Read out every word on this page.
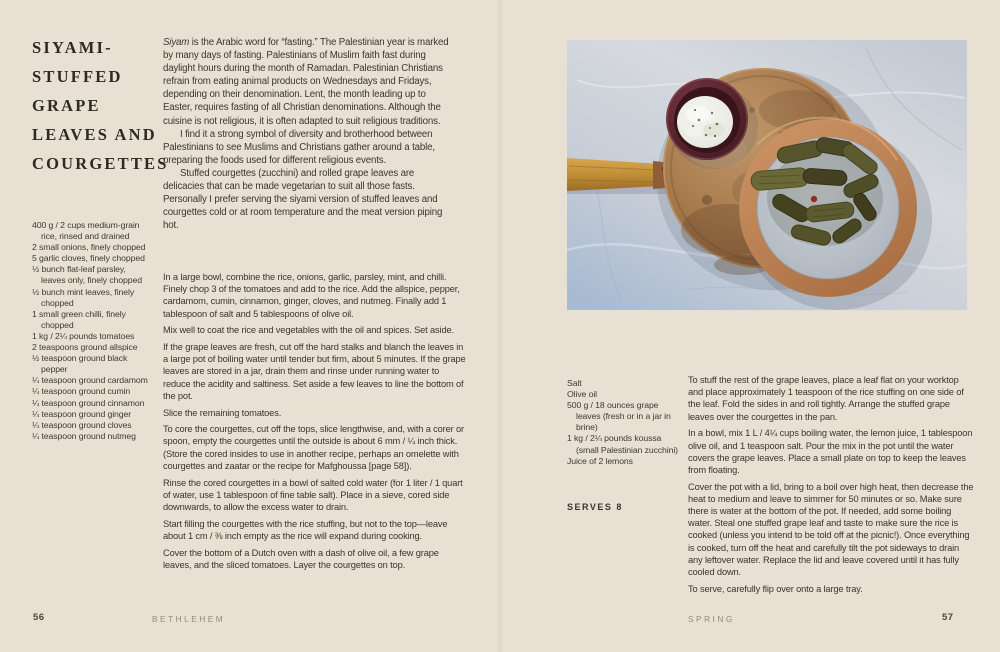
SIYAMI-
STUFFED
GRAPE
LEAVES AND
COURGETTES
400 g / 2 cups medium-grain rice, rinsed and drained
2 small onions, finely chopped
5 garlic cloves, finely chopped
½ bunch flat-leaf parsley, leaves only, finely chopped
½ bunch mint leaves, finely chopped
1 small green chilli, finely chopped
1 kg / 2¼ pounds tomatoes
2 teaspoons ground allspice
½ teaspoon ground black pepper
¼ teaspoon ground cardamom
¼ teaspoon ground cumin
¼ teaspoon ground cinnamon
¼ teaspoon ground ginger
¼ teaspoon ground cloves
¼ teaspoon ground nutmeg

Siyam is the Arabic word for “fasting.” The Palestinian year is marked by many days of fasting. Palestinians of Muslim faith fast during daylight hours during the month of Ramadan. Palestinian Christians refrain from eating animal products on Wednesdays and Fridays, depending on their denomination. Lent, the month leading up to Easter, requires fasting of all Christian denominations. Although the cuisine is not religious, it is often adapted to suit religious traditions.

I find it a strong symbol of diversity and brotherhood between Palestinians to see Muslims and Christians gather around a table, preparing the foods used for different religious events.

Stuffed courgettes (zucchini) and rolled grape leaves are delicacies that can be made vegetarian to suit all those fasts. Personally I prefer serving the siyami version of stuffed leaves and courgettes cold or at room temperature and the meat version piping hot.

In a large bowl, combine the rice, onions, garlic, parsley, mint, and chilli. Finely chop 3 of the tomatoes and add to the rice. Add the allspice, pepper, cardamom, cumin, cinnamon, ginger, cloves, and nutmeg. Finally add 1 tablespoon of salt and 5 tablespoons of olive oil.

Mix well to coat the rice and vegetables with the oil and spices. Set aside.

If the grape leaves are fresh, cut off the hard stalks and blanch the leaves in a large pot of boiling water until tender but firm, about 5 minutes. If the grape leaves are stored in a jar, drain them and rinse under running water to reduce the acidity and saltiness. Set aside a few leaves to line the bottom of the pot.

Slice the remaining tomatoes.

To core the courgettes, cut off the tops, slice lengthwise, and, with a corer or spoon, empty the courgettes until the outside is about 6 mm / ¼ inch thick. (Store the cored insides to use in another recipe, perhaps an omelette with courgettes and zaatar or the recipe for Mafghoussa [page 58]).

Rinse the cored courgettes in a bowl of salted cold water (for 1 liter / 1 quart of water, use 1 tablespoon of fine table salt). Place in a sieve, cored side downwards, to allow the excess water to drain.

Start filling the courgettes with the rice stuffing, but not to the top—leave about 1 cm / ⅜ inch empty as the rice will expand during cooking.

Cover the bottom of a Dutch oven with a dash of olive oil, a few grape leaves, and the sliced tomatoes. Layer the courgettes on top.

56	BETHLEHEM
Salt
Olive oil
500 g / 18 ounces grape leaves (fresh or in a jar in brine)
1 kg / 2¼ pounds koussa (small Palestinian zucchini)
Juice of 2 lemons
SERVES 8

To stuff the rest of the grape leaves, place a leaf flat on your worktop and place approximately 1 teaspoon of the rice stuffing on one side of the leaf. Fold the sides in and roll tightly. Arrange the stuffed grape leaves over the courgettes in the pan.

In a bowl, mix 1 L / 4¼ cups boiling water, the lemon juice, 1 tablespoon olive oil, and 1 teaspoon salt. Pour the mix in the pot until the water covers the grape leaves. Place a small plate on top to keep the leaves from floating.

Cover the pot with a lid, bring to a boil over high heat, then decrease the heat to medium and leave to simmer for 50 minutes or so. Make sure there is water at the bottom of the pot. If needed, add some boiling water. Steal one stuffed grape leaf and taste to make sure the rice is cooked (unless you intend to be told off at the picnic!). Once everything is cooked, turn off the heat and carefully tilt the pot sideways to drain any leftover water. Replace the lid and leave covered until it has fully cooled down.

To serve, carefully flip over onto a large tray.

SPRING	57
